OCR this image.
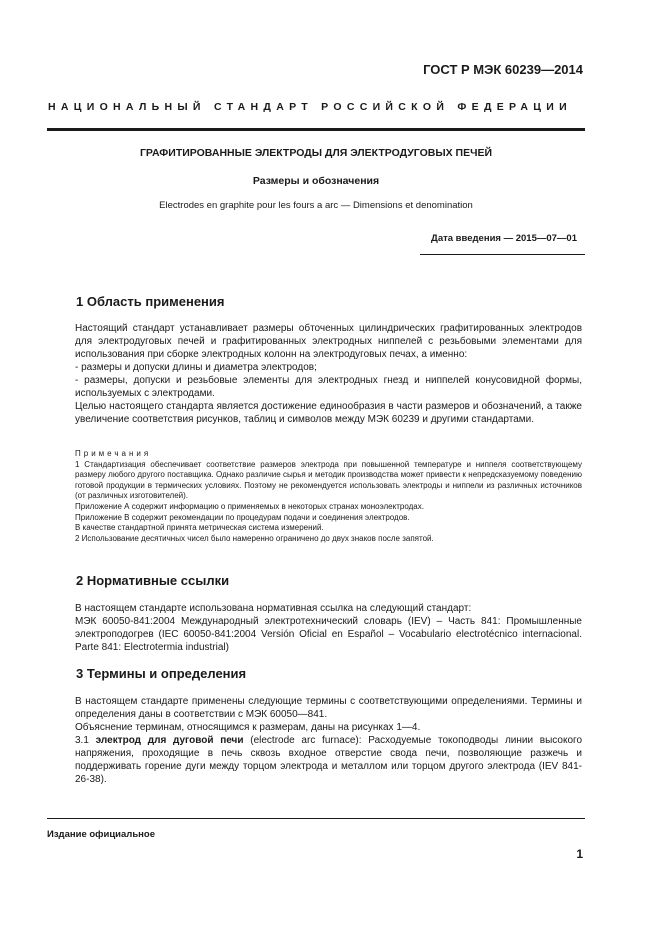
ГОСТ Р МЭК 60239—2014
НАЦИОНАЛЬНЫЙ СТАНДАРТ РОССИЙСКОЙ ФЕДЕРАЦИИ
ГРАФИТИРОВАННЫЕ ЭЛЕКТРОДЫ ДЛЯ ЭЛЕКТРОДУГОВЫХ ПЕЧЕЙ
Размеры и обозначения
Electrodes en graphite pour les fours a arc — Dimensions et denomination
Дата введения — 2015—07—01
1 Область применения

Настоящий стандарт устанавливает размеры обточенных цилиндрических графитированных электродов для электродуговых печей и графитированных электродных ниппелей с резьбовыми элементами для использования при сборке электродных колонн на электродуговых печах, а именно:

- размеры и допуски длины и диаметра электродов;

- размеры, допуски и резьбовые элементы для электродных гнезд и ниппелей конусовидной формы, используемых с электродами.

Целью настоящего стандарта является достижение единообразия в части размеров и обозначений, а также увеличение соответствия рисунков, таблиц и символов между МЭК 60239 и другими стандартами.

Примечания

1 Стандартизация обеспечивает соответствие размеров электрода при повышенной температуре и ниппеля соответствующему размеру любого другого поставщика. Однако различие сырья и методик производства может привести к непредсказуемому поведению готовой продукции в термических условиях. Поэтому не рекомендуется использовать электроды и ниппели из различных источников (от различных изготовителей).

Приложение А содержит информацию о применяемых в некоторых странах моноэлектродах.

Приложение В содержит рекомендации по процедурам подачи и соединения электродов.

В качестве стандартной принята метрическая система измерений.

2 Использование десятичных чисел было намеренно ограничено до двух знаков после запятой.

2 Нормативные ссылки

В настоящем стандарте использована нормативная ссылка на следующий стандарт:

МЭК 60050-841:2004 Международный электротехнический словарь (IEV) – Часть 841: Промышленные электроподогрев (IEC 60050-841:2004 Versión Oficial en Español – Vocabulario electrotécnico internacional. Parte 841: Electrotermia industrial)

3 Термины и определения

В настоящем стандарте применены следующие термины с соответствующими определениями. Термины и определения даны в соответствии с МЭК 60050—841.

Объяснение терминам, относящимся к размерам, даны на рисунках 1—4.

3.1 электрод для дуговой печи (electrode arc furnace): Расходуемые токоподводы линии высокого напряжения, проходящие в печь сквозь входное отверстие свода печи, позволяющие разжечь и поддерживать горение дуги между торцом электрода и металлом или торцом другого электрода (IEV 841-26-38).

Издание официальное
1
